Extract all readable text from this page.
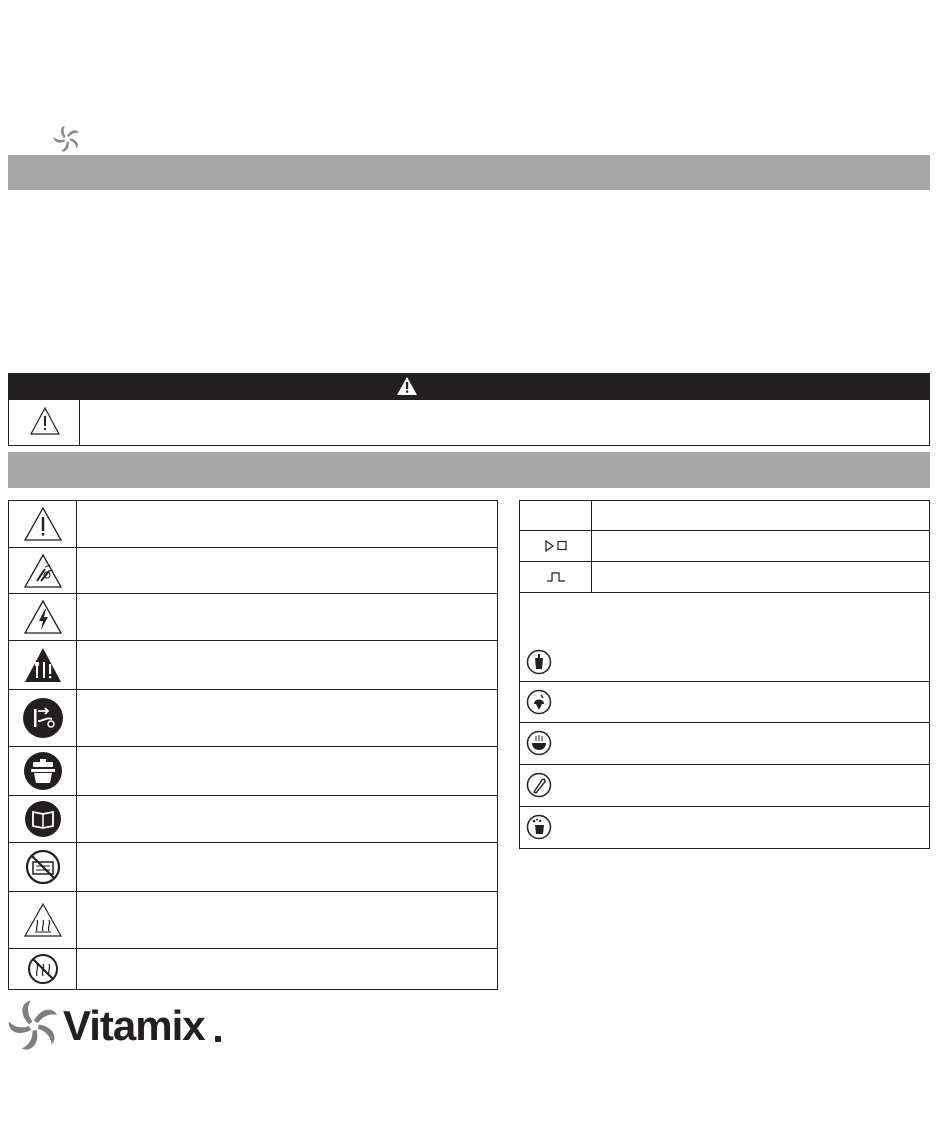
Vitamix
